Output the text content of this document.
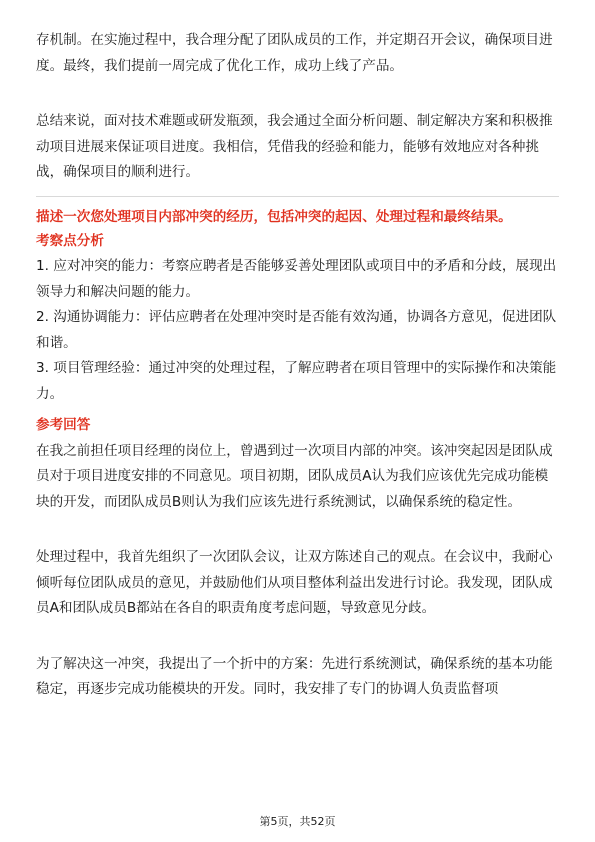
存机制。在实施过程中，我合理分配了团队成员的工作，并定期召开会议，确保项目进度。最终，我们提前一周完成了优化工作，成功上线了产品。

总结来说，面对技术难题或研发瓶颈，我会通过全面分析问题、制定解决方案和积极推动项目进展来保证项目进度。我相信，凭借我的经验和能力，能够有效地应对各种挑战，确保项目的顺利进行。

描述一次您处理项目内部冲突的经历，包括冲突的起因、处理过程和最终结果。

考察点分析

1. 应对冲突的能力：考察应聘者是否能够妥善处理团队或项目中的矛盾和分歧，展现出领导力和解决问题的能力。

2. 沟通协调能力：评估应聘者在处理冲突时是否能有效沟通，协调各方意见，促进团队和谐。

3. 项目管理经验：通过冲突的处理过程，了解应聘者在项目管理中的实际操作和决策能力。

参考回答

在我之前担任项目经理的岗位上，曾遇到过一次项目内部的冲突。该冲突起因是团队成员对于项目进度安排的不同意见。项目初期，团队成员A认为我们应该优先完成功能模块的开发，而团队成员B则认为我们应该先进行系统测试，以确保系统的稳定性。

处理过程中，我首先组织了一次团队会议，让双方陈述自己的观点。在会议中，我耐心倾听每位团队成员的意见，并鼓励他们从项目整体利益出发进行讨论。我发现，团队成员A和团队成员B都站在各自的职责角度考虑问题，导致意见分歧。

为了解决这一冲突，我提出了一个折中的方案：先进行系统测试，确保系统的基本功能稳定，再逐步完成功能模块的开发。同时，我安排了专门的协调人负责监督项

第5页，共52页
